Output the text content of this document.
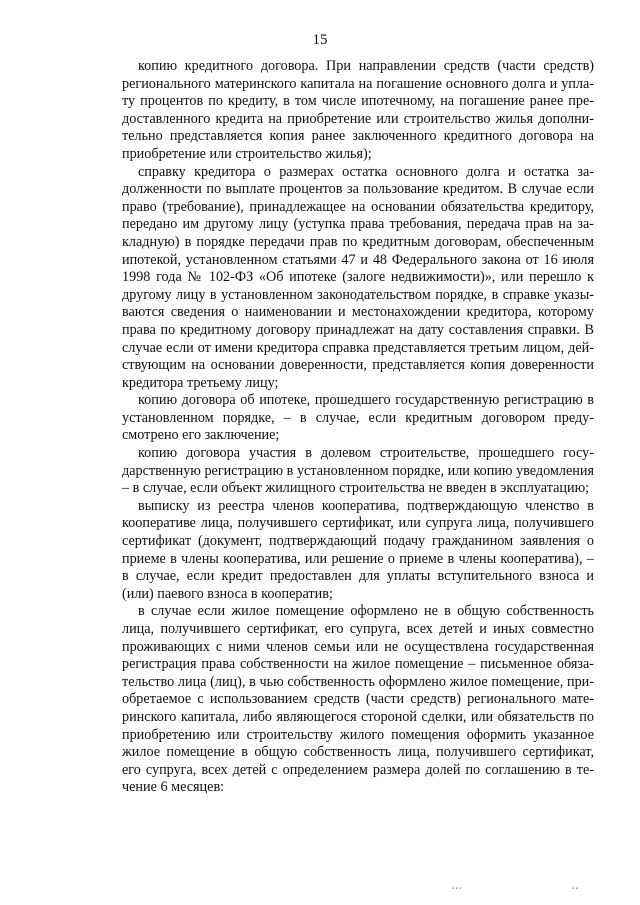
15

копию кредитного договора. При направлении средств (части средств) регионального материнского капитала на погашение основного долга и уплату процентов по кредиту, в том числе ипотечному, на погашение ранее предоставленного кредита на приобретение или строительство жилья дополнительно представляется копия ранее заключенного кредитного договора на приобретение или строительство жилья);

справку кредитора о размерах остатка основного долга и остатка задолженности по выплате процентов за пользование кредитом. В случае если право (требование), принадлежащее на основании обязательства кредитору, передано им другому лицу (уступка права требования, передача прав на закладную) в порядке передачи прав по кредитным договорам, обеспеченным ипотекой, установленном статьями 47 и 48 Федерального закона от 16 июля 1998 года № 102-ФЗ «Об ипотеке (залоге недвижимости)», или перешло к другому лицу в установленном законодательством порядке, в справке указываются сведения о наименовании и местонахождении кредитора, которому права по кредитному договору принадлежат на дату составления справки. В случае если от имени кредитора справка представляется третьим лицом, действующим на основании доверенности, представляется копия доверенности кредитора третьему лицу;

копию договора об ипотеке, прошедшего государственную регистрацию в установленном порядке, – в случае, если кредитным договором предусмотрено его заключение;

копию договора участия в долевом строительстве, прошедшего государственную регистрацию в установленном порядке, или копию уведомления – в случае, если объект жилищного строительства не введен в эксплуатацию;

выписку из реестра членов кооператива, подтверждающую членство в кооперативе лица, получившего сертификат, или супруга лица, получившего сертификат (документ, подтверждающий подачу гражданином заявления о приеме в члены кооператива, или решение о приеме в члены кооператива), – в случае, если кредит предоставлен для уплаты вступительного взноса и (или) паевого взноса в кооператив;

в случае если жилое помещение оформлено не в общую собственность лица, получившего сертификат, его супруга, всех детей и иных совместно проживающих с ними членов семьи или не осуществлена государственная регистрация права собственности на жилое помещение – письменное обязательство лица (лиц), в чью собственность оформлено жилое помещение, приобретаемое с использованием средств (части средств) регионального материнского капитала, либо являющегося стороной сделки, или обязательств по приобретению или строительству жилого помещения оформить указанное жилое помещение в общую собственность лица, получившего сертификат, его супруга, всех детей с определением размера долей по соглашению в течение 6 месяцев:

▪ ▪ ▪	▪ ▪
